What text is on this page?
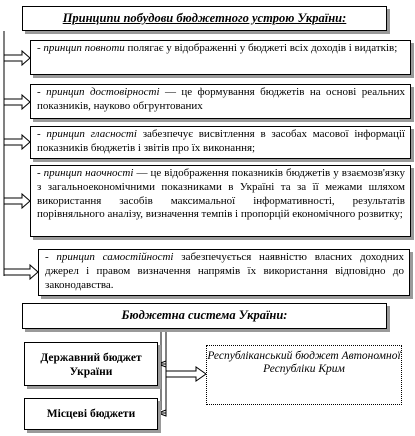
Принципи побудови бюджетного устрою України:
- принцип повноти полягає у відображенні у бюджеті всіх доходів і видатків;
- принцип достовірності — це формування бюджетів на основі реальних показників, науково обгрунтованих
- принцип гласності забезпечує висвітлення в засобах масової інформації показників бюджетів і звітів про їх виконання;
- принцип наочності — це відображення показників бюджетів у взаємозв'язку з загальноекономічними показниками в Україні та за її межами шляхом використання засобів максимальної інформативності, результатів порівняльного аналізу, визначення темпів і пропорцій економічного розвитку;
- принцип самостійності забезпечується наявністю власних доходних джерел і правом визначення напрямів їх використання відповідно до законодавства.
Бюджетна система України:
Державний бюджет України
Місцеві бюджети
Республіканський бюджет Автономної Республіки Крим
